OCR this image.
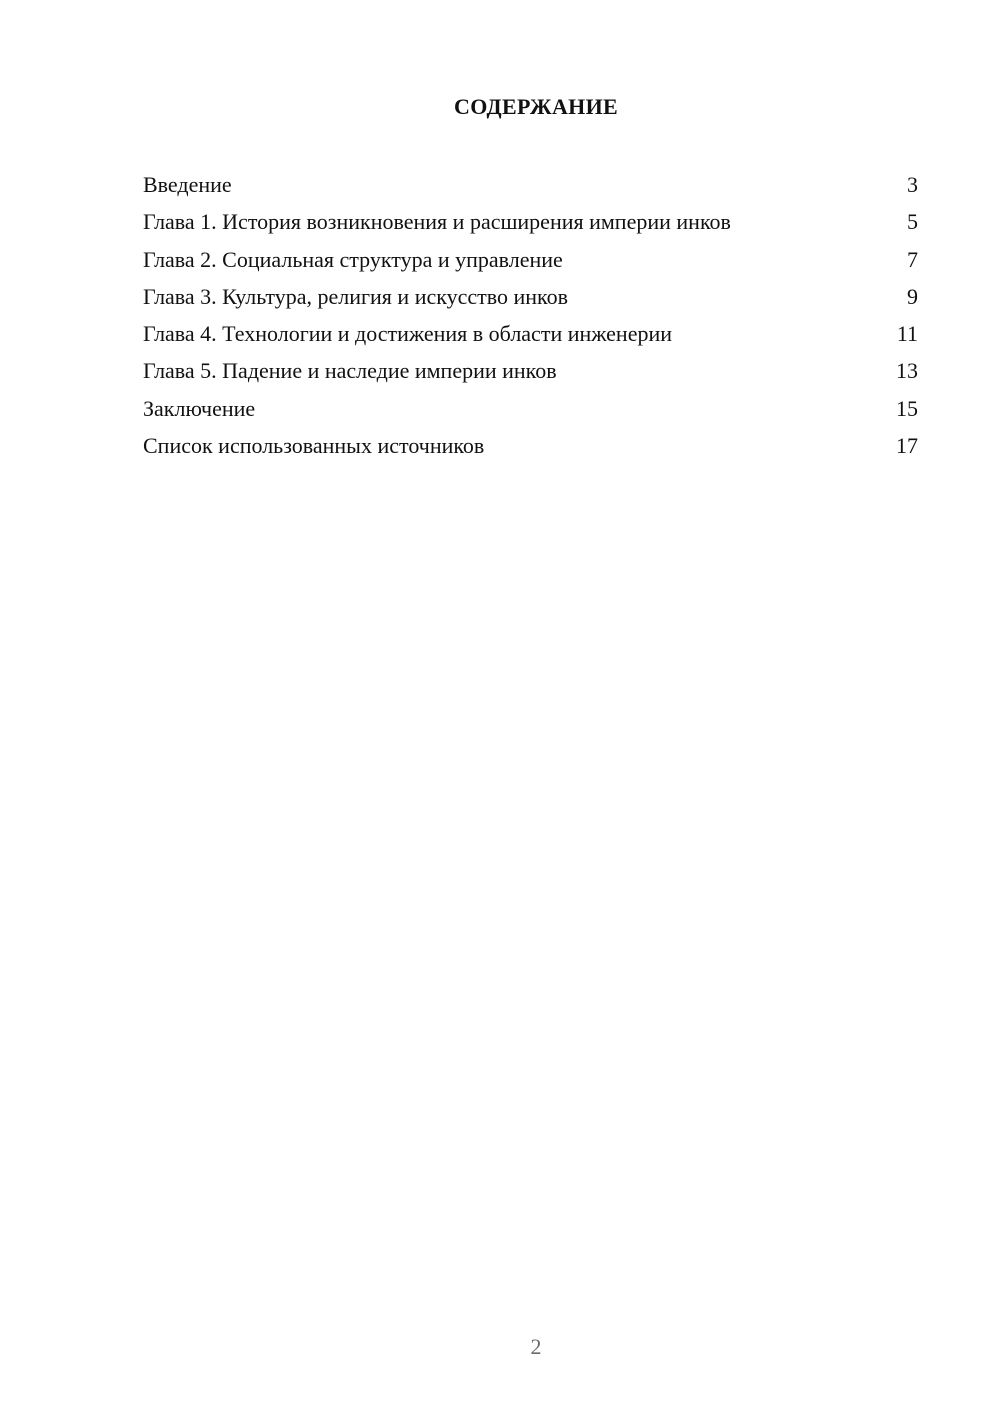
СОДЕРЖАНИЕ
Введение	3
Глава 1. История возникновения и расширения империи инков	5
Глава 2. Социальная структура и управление	7
Глава 3. Культура, религия и искусство инков	9
Глава 4. Технологии и достижения в области инженерии	11
Глава 5. Падение и наследие империи инков	13
Заключение	15
Список использованных источников	17
2
